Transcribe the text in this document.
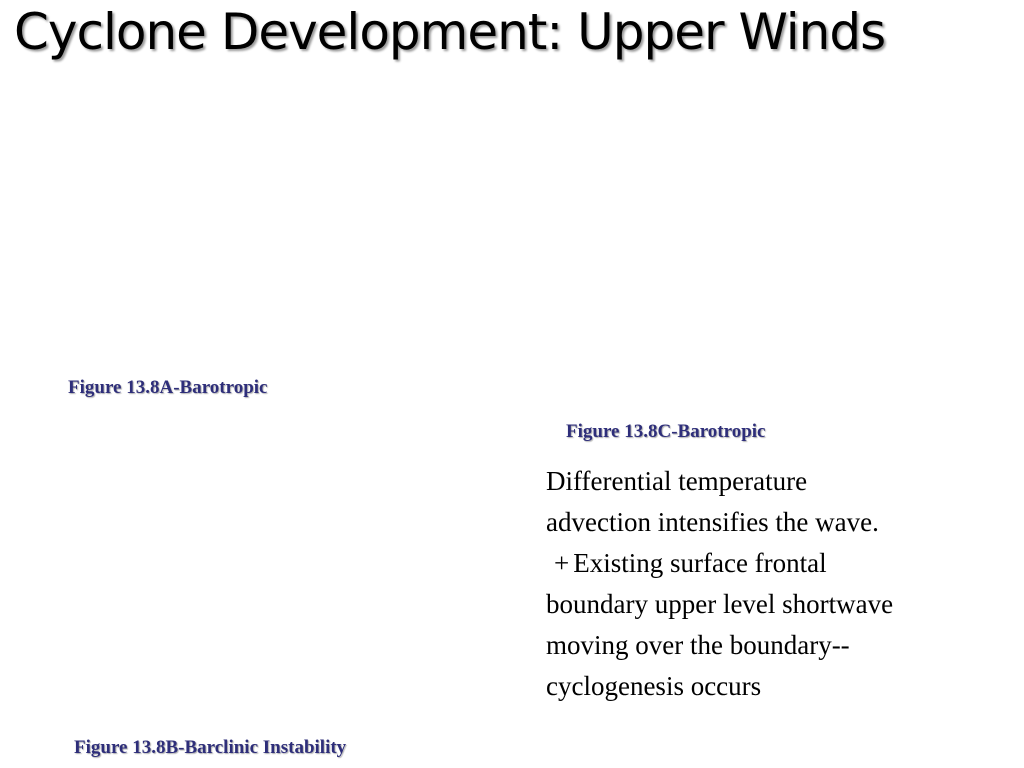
Cyclone Development: Upper Winds
Figure 13.8A-Barotropic
Figure 13.8C-Barotropic
Differential temperature
advection intensifies the wave.
+ Existing surface frontal
boundary upper level shortwave
moving over the boundary--
cyclogenesis occurs
Figure 13.8B-Barclinic Instability
